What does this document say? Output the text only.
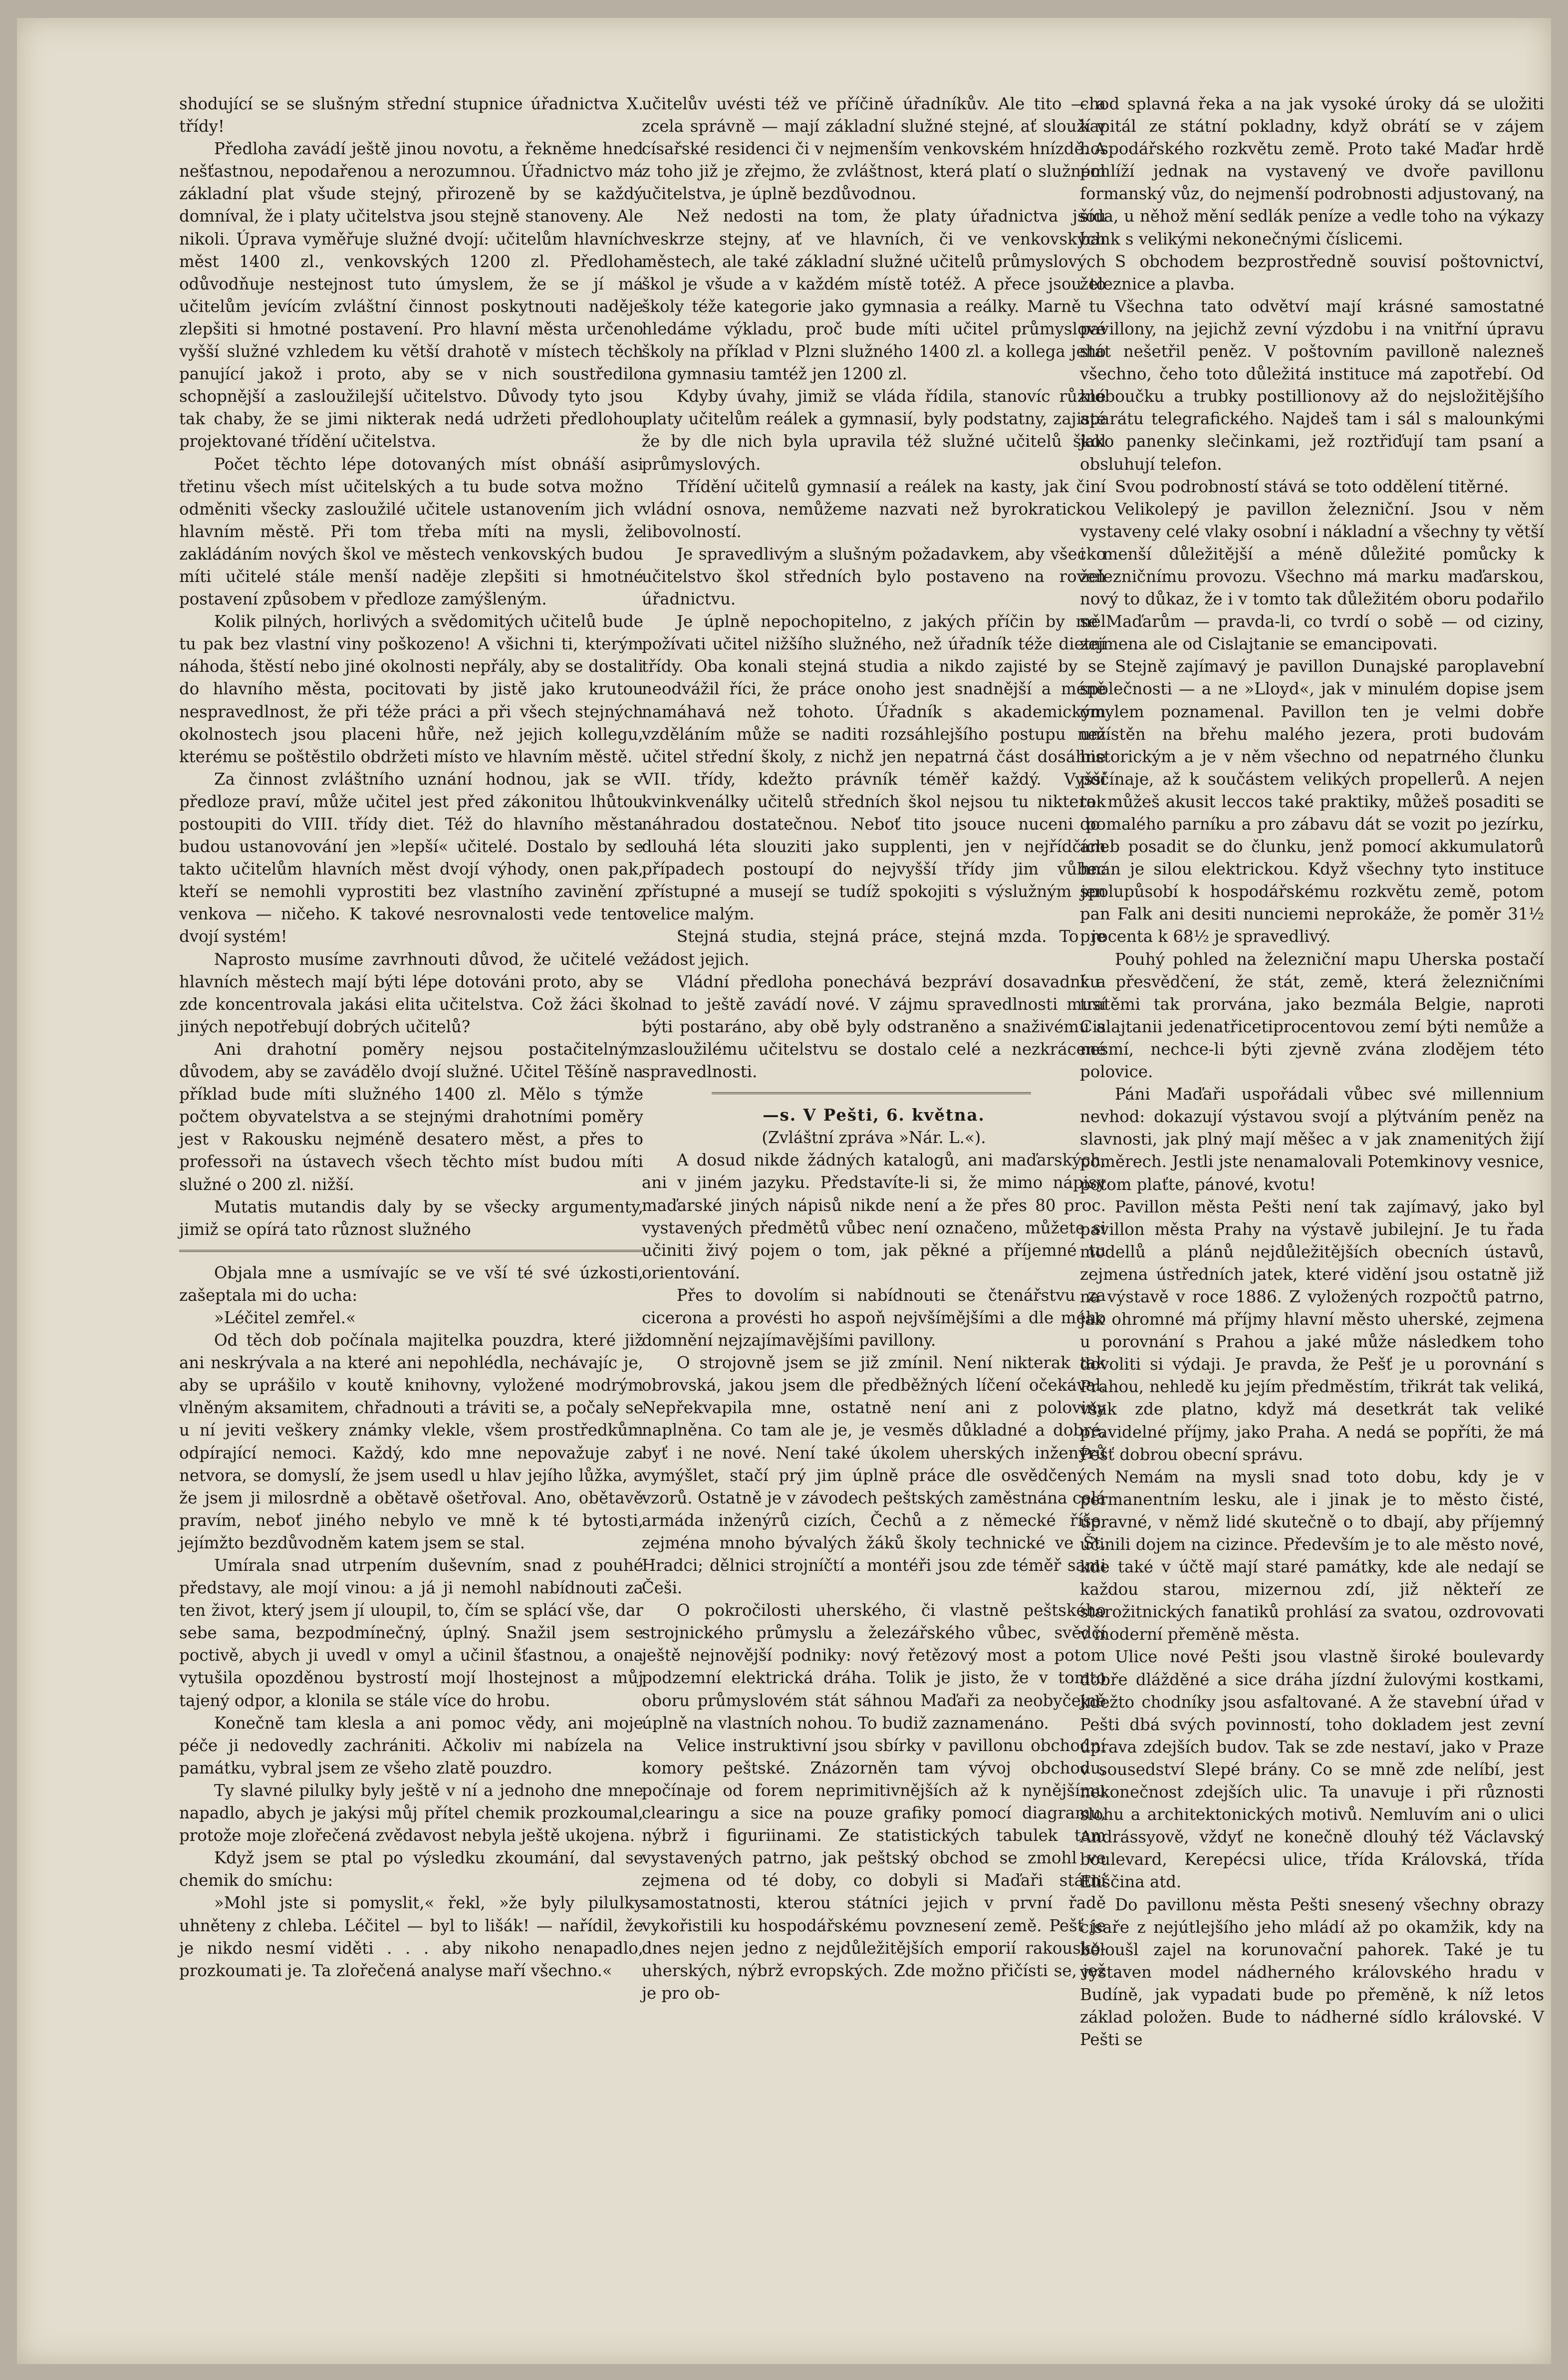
shodující se se slušným střední stupnice úřadnictva X. třídy!

Předloha zavádí ještě jinou novotu, a řekněme hned nešťastnou, nepodařenou a nerozumnou. Úřadnictvo má základní plat všude stejný, přirozeně by se každý domníval, že i platy učitelstva jsou stejně stanoveny. Ale nikoli. Úprava vyměřuje služné dvojí: učitelům hlavních měst 1400 zl., venkovských 1200 zl. Předloha odůvodňuje nestejnost tuto úmyslem, že se jí má učitelům jevícím zvláštní činnost poskytnouti naděje zlepšiti si hmotné postavení. Pro hlavní města určeno vyšší služné vzhledem ku větší drahotě v místech těch panující jakož i proto, aby se v nich soustředilo schopnější a zasloužilejší učitelstvo. Důvody tyto jsou tak chaby, že se jimi nikterak nedá udržeti předlohou projektované třídění učitelstva.

Počet těchto lépe dotovaných míst obnáší asi třetinu všech míst učitelských a tu bude sotva možno odměniti všecky zasloužilé učitele ustanovením jich v hlavním městě. Při tom třeba míti na mysli, že zakládáním nových škol ve městech venkovských budou míti učitelé stále menší naděje zlepšiti si hmotné postavení způsobem v předloze zamýšleným.

Kolik pilných, horlivých a svědomitých učitelů bude tu pak bez vlastní viny poškozeno! A všichni ti, kterým náhoda, štěstí nebo jiné okolnosti nepřály, aby se dostali do hlavního města, pocitovati by jistě jako krutou nespravedlnost, že při téže práci a při všech stejných okolnostech jsou placeni hůře, než jejich kollegu, kterému se poštěstilo obdržeti místo ve hlavním městě.

Za činnost zvláštního uznání hodnou, jak se v předloze praví, může učitel jest před zákonitou lhůtou postoupiti do VIII. třídy diet. Též do hlavního města budou ustanovování jen »lepší« učitelé. Dostalo by se takto učitelům hlavních měst dvojí výhody, onen pak, kteří se nemohli vyprostiti bez vlastního zavinění z venkova — ničeho. K takové nesrovnalosti vede tento dvojí systém!

Naprosto musíme zavrhnouti důvod, že učitelé ve hlavních městech mají býti lépe dotováni proto, aby se zde koncentrovala jakási elita učitelstva. Což žáci škol jiných nepotřebují dobrých učitelů?

Ani drahotní poměry nejsou postačitelným důvodem, aby se zavádělo dvojí služné. Učitel Těšíně na příklad bude míti služného 1400 zl. Mělo s týmže počtem obyvatelstva a se stejnými drahotními poměry jest v Rakousku nejméně desatero měst, a přes to professoři na ústavech všech těchto míst budou míti služné o 200 zl. nižší.

Mutatis mutandis daly by se všecky argumenty, jimiž se opírá tato různost služného

Objala mne a usmívajíc se ve vší té své úzkosti, zašeptala mi do ucha:

»Léčitel zemřel.«

Od těch dob počínala majitelka pouzdra, které již ani neskrývala a na které ani nepohlédla, nechávajíc je, aby se uprášilo v koutě knihovny, vyložené modrým vlněným aksamitem, chřadnouti a tráviti se, a počaly se u ní jeviti veškery známky vlekle, všem prostředkům odpírající nemoci. Každý, kdo mne nepovažuje za netvora, se domyslí, že jsem usedl u hlav jejího lůžka, a že jsem ji milosrdně a obětavě ošetřoval. Ano, obětavě pravím, neboť jiného nebylo ve mně k té bytosti, jejímžto bezdůvodněm katem jsem se stal.

Umírala snad utrpením duševním, snad z pouhé představy, ale mojí vinou: a já ji nemohl nabídnouti za ten život, který jsem jí uloupil, to, čím se splácí vše, dar sebe sama, bezpodmínečný, úplný. Snažil jsem se poctivě, abych ji uvedl v omyl a učinil šťastnou, a ona vytušila opozděnou bystrostí mojí lhostejnost a můj tajený odpor, a klonila se stále více do hrobu.

Konečně tam klesla a ani pomoc vědy, ani moje péče ji nedovedly zachrániti. Ačkoliv mi nabízela na památku, vybral jsem ze všeho zlatě pouzdro.

Ty slavné pilulky byly ještě v ní a jednoho dne mne napadlo, abych je jakýsi můj přítel chemik prozkoumal, protože moje zlořečená zvědavost nebyla ještě ukojena.

Když jsem se ptal po výsledku zkoumání, dal se chemik do smíchu:

»Mohl jste si pomyslit,« řekl, »že byly pilulky uhněteny z chleba. Léčitel — byl to lišák! — nařídil, že je nikdo nesmí viděti . . . aby nikoho nenapadlo, prozkoumati je. Ta zlořečená analyse maří všechno.«

učitelův uvésti též ve příčině úřadníkův. Ale tito — a zcela správně — mají základní služné stejné, ať slouží v císařské residenci či v nejmenším venkovském hnízdě. A z toho již je zřejmo, že zvláštnost, která platí o služném učitelstva, je úplně bezdůvodnou.

Než nedosti na tom, že platy úřadnictva jsou veskrze stejny, ať ve hlavních, či ve venkovských městech, ale také základní služné učitelů průmyslových škol je všude a v každém místě totéž. A přece jsou to školy téže kategorie jako gymnasia a reálky. Marně tu hledáme výkladu, proč bude míti učitel průmyslové školy na příklad v Plzni služného 1400 zl. a kollega jeho na gymnasiu tamtéž jen 1200 zl.

Kdyby úvahy, jimiž se vláda řídila, stanovíc různé platy učitelům reálek a gymnasií, byly podstatny, zajisté že by dle nich byla upravila též služné učitelů škol průmyslových.

Třídění učitelů gymnasií a reálek na kasty, jak činí vládní osnova, nemůžeme nazvati než byrokratickou libovolností.

Je spravedlivým a slušným požadavkem, aby všecko učitelstvo škol středních bylo postaveno na roveň úřadnictvu.

Je úplně nepochopitelno, z jakých příčin by měl požívati učitel nižšího služného, než úřadník téže dietní třídy. Oba konali stejná studia a nikdo zajisté by se neodvážil říci, že práce onoho jest snadnější a méně namáhavá než tohoto. Úřadník s akademickým vzděláním může se naditi rozsáhlejšího postupu než učitel střední školy, z nichž jen nepatrná část dosáhne VII. třídy, kdežto právník téměř každý. Vyšší kvinkvenálky učitelů středních škol nejsou tu nikterak náhradou dostatečnou. Neboť tito jsouce nuceni po dlouhá léta slouziti jako supplenti, jen v nejřídčích případech postoupí do nejvyšší třídy jim vůbec přístupné a musejí se tudíž spokojiti s výslužným jen velice malým.

Stejná studia, stejná práce, stejná mzda. To je žádost jejich.

Vládní předloha ponechává bezpráví dosavadní a nad to ještě zavádí nové. V zájmu spravedlnosti musí býti postaráno, aby obě byly odstraněno a snaživému a zasloužilému učitelstvu se dostalo celé a nezkrácené spravedlnosti.

—s. V Pešti, 6. května.

(Zvláštní zpráva »Nár. L.«).

A dosud nikde žádných katalogů, ani maďarských, ani v jiném jazyku. Představíte-li si, že mimo nápisy maďarské jiných nápisů nikde není a že přes 80 proc. vystavených předmětů vůbec není označeno, můžete si učiniti živý pojem o tom, jak pěkné a příjemné tu orientování.

Přes to dovolím si nabídnouti se čtenářstvu za cicerona a provésti ho aspoň nejvšímějšími a dle mého domnění nejzajímavějšími pavillony.

O strojovně jsem se již zmínil. Není nikterak tak obrovská, jakou jsem dle předběžných líčení očekával. Nepřekvapila mne, ostatně není ani z poloviny naplněna. Co tam ale je, je vesměs důkladné a dobré, byť i ne nové. Není také úkolem uherských inženýrů vymýšlet, stačí prý jim úplně práce dle osvědčených vzorů. Ostatně je v závodech peštských zaměstnána celá armáda inženýrů cizích, Čechů a z německé říše, zejména mnoho bývalých žáků školy technické ve Št. Hradci; dělnici strojníčtí a montéři jsou zde téměř sami Češi.

O pokročilosti uherského, či vlastně peštského strojnického průmyslu a železářského vůbec, svědčí ještě nejnovější podniky: nový řetězový most a potom podzemní elektrická dráha. Tolik je jisto, že v tomto oboru průmyslovém stát sáhnou Maďaři za neobyčejně úplně na vlastních nohou. To budiž zaznamenáno.

Velice instruktivní jsou sbírky v pavillonu obchodní komory peštské. Znázorněn tam vývoj obchodu, počínaje od forem neprimitivnějších až k nynějšímu clearingu a sice na pouze grafiky pomocí diagramu, nýbrž i figuriinami. Ze statistických tabulek tam vystavených patrno, jak peštský obchod se zmohl ve zejmena od té doby, co dobyli si Maďaři státní samostatnosti, kterou státníci jejich v první řadě vykořistili ku hospodářskému povznesení země. Pešť je dnes nejen jedno z nejdůležitějších emporií rakousko-uherských, nýbrž evropských. Zde možno přičísti se, jež je pro ob-

chod splavná řeka a na jak vysoké úroky dá se uložiti kapitál ze státní pokladny, když obrátí se v zájem hospodářského rozkvětu země. Proto také Maďar hrdě pohlíží jednak na vystavený ve dvoře pavillonu formanský vůz, do nejmenší podrobnosti adjustovaný, na šída, u něhož mění sedlák peníze a vedle toho na výkazy bank s velikými nekonečnými číslicemi.

S obchodem bezprostředně souvisí poštovnictví, železnice a plavba.

Všechna tato odvětví mají krásné samostatné pavillony, na jejichž zevní výzdobu i na vnitřní úpravu stát nešetřil peněz. V poštovním pavilloně nalezneš všechno, čeho toto důležitá instituce má zapotřebí. Od kloboučku a trubky postillionovy až do nejsložitějšího aparátu telegrafického. Najdeš tam i sál s malounkými jako panenky slečinkami, jež roztřiďují tam psaní a obsluhují telefon.

Svou podrobností stává se toto oddělení titěrné.

Velikolepý je pavillon železniční. Jsou v něm vystaveny celé vlaky osobní i nákladní a všechny ty větší i menší důležitější a méně důležité pomůcky k železničnímu provozu. Všechno má marku maďarskou, nový to důkaz, že i v tomto tak důležitém oboru podařilo se Maďarům — pravda-li, co tvrdí o sobě — od ciziny, zejmena ale od Cislajtanie se emancipovati.

Stejně zajímavý je pavillon Dunajské paroplavební společnosti — a ne »Lloyd«, jak v minulém dopise jsem omylem poznamenal. Pavillon ten je velmi dobře umístěn na břehu malého jezera, proti budovám historickým a je v něm všechno od nepatrného člunku počínaje, až k součástem velikých propellerů. A nejen to: můžeš akusit leccos také praktiky, můžeš posaditi se do malého parníku a pro zábavu dát se vozit po jezírku, aneb posadit se do člunku, jenž pomocí akkumulatorů hnán je silou elektrickou. Když všechny tyto instituce spolupůsobí k hospodářskému rozkvětu země, potom pan Falk ani desiti nunciemi neprokáže, že poměr 31½ procenta k 68½ je spravedlivý.

Pouhý pohled na železniční mapu Uherska postačí ku přesvědčení, že stát, země, která železničními tratěmi tak prorvána, jako bezmála Belgie, naproti Cislajtanii jedenatřicetiprocentovou zemí býti nemůže a nesmí, nechce-li býti zjevně zvána zlodějem této polovice.

Páni Maďaři uspořádali vůbec své millennium nevhod: dokazují výstavou svojí a plýtváním peněz na slavnosti, jak plný mají měšec a v jak znamenitých žijí poměrech. Jestli jste nenamalovali Potemkinovy vesnice, potom plaťte, pánové, kvotu!

Pavillon města Pešti není tak zajímavý, jako byl pavillon města Prahy na výstavě jubilejní. Je tu řada modellů a plánů nejdůležitějších obecních ústavů, zejmena ústředních jatek, které vidění jsou ostatně již na výstavě v roce 1886. Z vyložených rozpočtů patrno, jak ohromné má příjmy hlavní město uherské, zejmena u porovnání s Prahou a jaké může následkem toho dovoliti si výdaji. Je pravda, že Pešť je u porovnání s Prahou, nehledě ku jejím předměstím, třikrát tak veliká, však zde platno, když má desetkrát tak veliké pravidelné příjmy, jako Praha. A nedá se popříti, že má Pešť dobrou obecní správu.

Nemám na mysli snad toto dobu, kdy je v permanentním lesku, ale i jinak je to město čisté, úpravné, v němž lidé skutečně o to dbají, aby příjemný učinili dojem na cizince. Především je to ale město nové, kde také v účtě mají staré památky, kde ale nedají se každou starou, mizernou zdí, již někteří ze starožitnických fanatiků prohlásí za svatou, ozdrovovati v moderní přeměně města.

Ulice nové Pešti jsou vlastně široké boulevardy dobře dlážděné a sice dráha jízdní žulovými kostkami, kdežto chodníky jsou asfaltované. A že stavební úřad v Pešti dbá svých povinností, toho dokladem jest zevní úprava zdejších budov. Tak se zde nestaví, jako v Praze v sousedství Slepé brány. Co se mně zde nelíbí, jest nekonečnost zdejších ulic. Ta unavuje i při různosti slohu a architektonických motivů. Nemluvím ani o ulici Andrássyově, vždyť ne konečně dlouhý též Václavský boulevard, Kerepécsi ulice, třída Královská, třída Eliščina atd.

Do pavillonu města Pešti snesený všechny obrazy císaře z nejútlejšího jeho mládí až po okamžik, kdy na běloušl zajel na korunovační pahorek. Také je tu vystaven model nádherného královského hradu v Budíně, jak vypadati bude po přeměně, k níž letos základ položen. Bude to nádherné sídlo královské. V Pešti se
